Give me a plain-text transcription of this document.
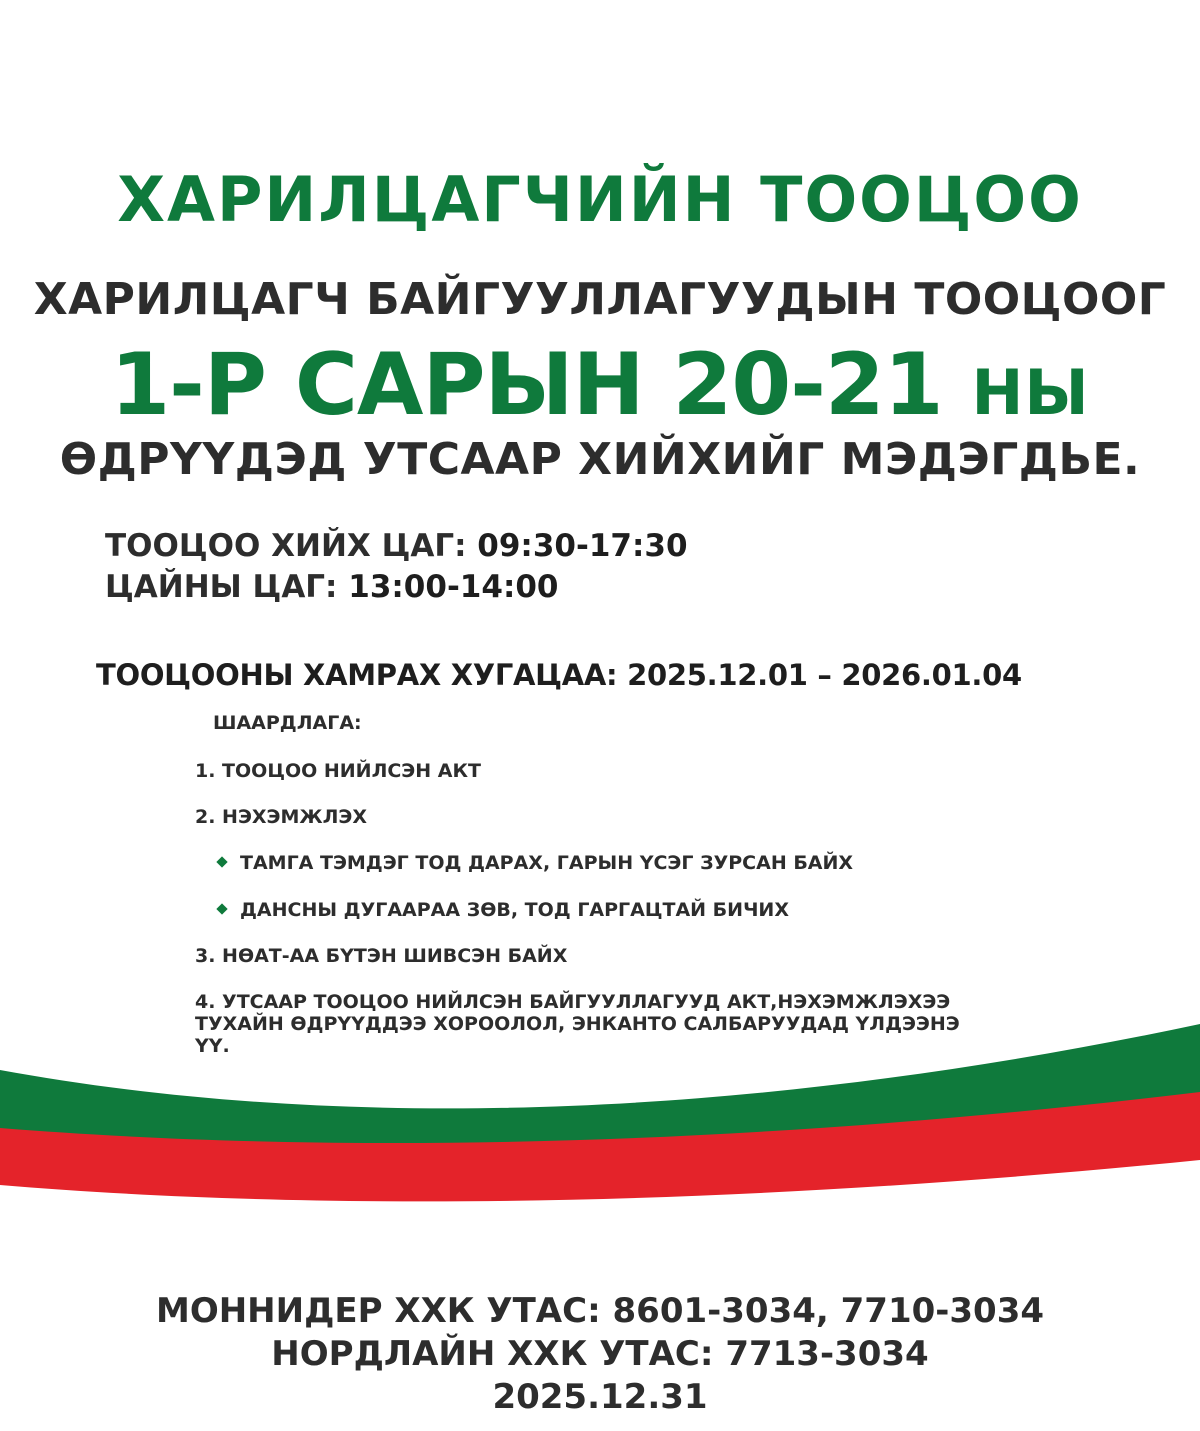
ХАРИЛЦАГЧИЙН ТООЦОО
ХАРИЛЦАГЧ БАЙГУУЛЛАГУУДЫН ТООЦООГ
1-Р САРЫН 20-21 НЫ
ӨДРҮҮДЭД УТСААР ХИЙХИЙГ МЭДЭГДЬЕ.
ТООЦОО ХИЙХ ЦАГ: 09:30-17:30
ЦАЙНЫ ЦАГ: 13:00-14:00
ТООЦООНЫ ХАМРАХ ХУГАЦАА: 2025.12.01 – 2026.01.04
ШААРДЛАГА:
1. ТООЦОО НИЙЛСЭН АКТ
2. НЭХЭМЖЛЭХ
ТАМГА ТЭМДЭГ ТОД ДАРАХ, ГАРЫН ҮСЭГ ЗУРСАН БАЙХ
ДАНСНЫ ДУГААРАА ЗӨВ, ТОД ГАРГАЦТАЙ БИЧИХ
3. НӨАТ-АА БҮТЭН ШИВСЭН БАЙХ
4. УТСААР ТООЦОО НИЙЛСЭН БАЙГУУЛЛАГУУД АКТ,НЭХЭМЖЛЭХЭЭ ТУХАЙН ӨДРҮҮДДЭЭ ХОРООЛОЛ, ЭНКАНТО САЛБАРУУДАД ҮЛДЭЭНЭ ҮҮ.
МОННИДЕР ХХК УТАС: 8601-3034, 7710-3034
НОРДЛАЙН ХХК УТАС: 7713-3034
2025.12.31
